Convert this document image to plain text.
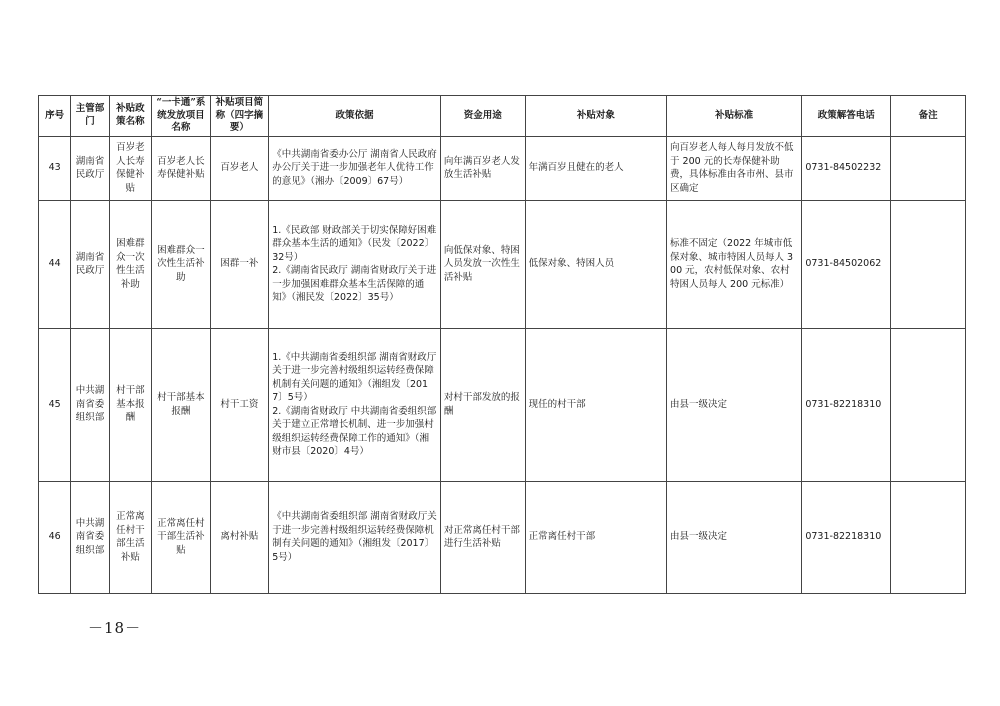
序号	主管部门	补贴政策名称	“一卡通”系统发放项目名称	补贴项目简称（四字摘要）	政策依据	资金用途	补贴对象	补贴标准	政策解答电话	备注
43	湖南省民政厅	百岁老人长寿保健补贴	百岁老人长寿保健补贴	百岁老人	《中共湖南省委办公厅 湖南省人民政府办公厅关于进一步加强老年人优待工作的意见》（湘办〔2009〕67号）	向年满百岁老人发放生活补贴	年满百岁且健在的老人	向百岁老人每人每月发放不低于 200 元的长寿保健补助费，具体标准由各市州、县市区确定	0731-84502232	
44	湖南省民政厅	困难群众一次性生活补助	困难群众一次性生活补助	困群一补	1.《民政部 财政部关于切实保障好困难群众基本生活的通知》（民发〔2022〕32号）
2.《湖南省民政厅 湖南省财政厅关于进一步加强困难群众基本生活保障的通知》（湘民发〔2022〕35号）	向低保对象、特困人员发放一次性生活补贴	低保对象、特困人员	标准不固定（2022 年城市低保对象、城市特困人员每人 300 元，农村低保对象、农村特困人员每人 200 元标准）	0731-84502062	
45	中共湖南省委组织部	村干部基本报酬	村干部基本报酬	村干工资	1.《中共湖南省委组织部 湖南省财政厅关于进一步完善村级组织运转经费保障机制有关问题的通知》（湘组发〔2017〕5号）
2.《湖南省财政厅 中共湖南省委组织部关于建立正常增长机制、进一步加强村级组织运转经费保障工作的通知》（湘财市县〔2020〕4号）	对村干部发放的报酬	现任的村干部	由县一级决定	0731-82218310	
46	中共湖南省委组织部	正常离任村干部生活补贴	正常离任村干部生活补贴	离村补贴	《中共湖南省委组织部 湖南省财政厅关于进一步完善村级组织运转经费保障机制有关问题的通知》（湘组发〔2017〕5号）	对正常离任村干部进行生活补贴	正常离任村干部	由县一级决定	0731-82218310	
－18－
